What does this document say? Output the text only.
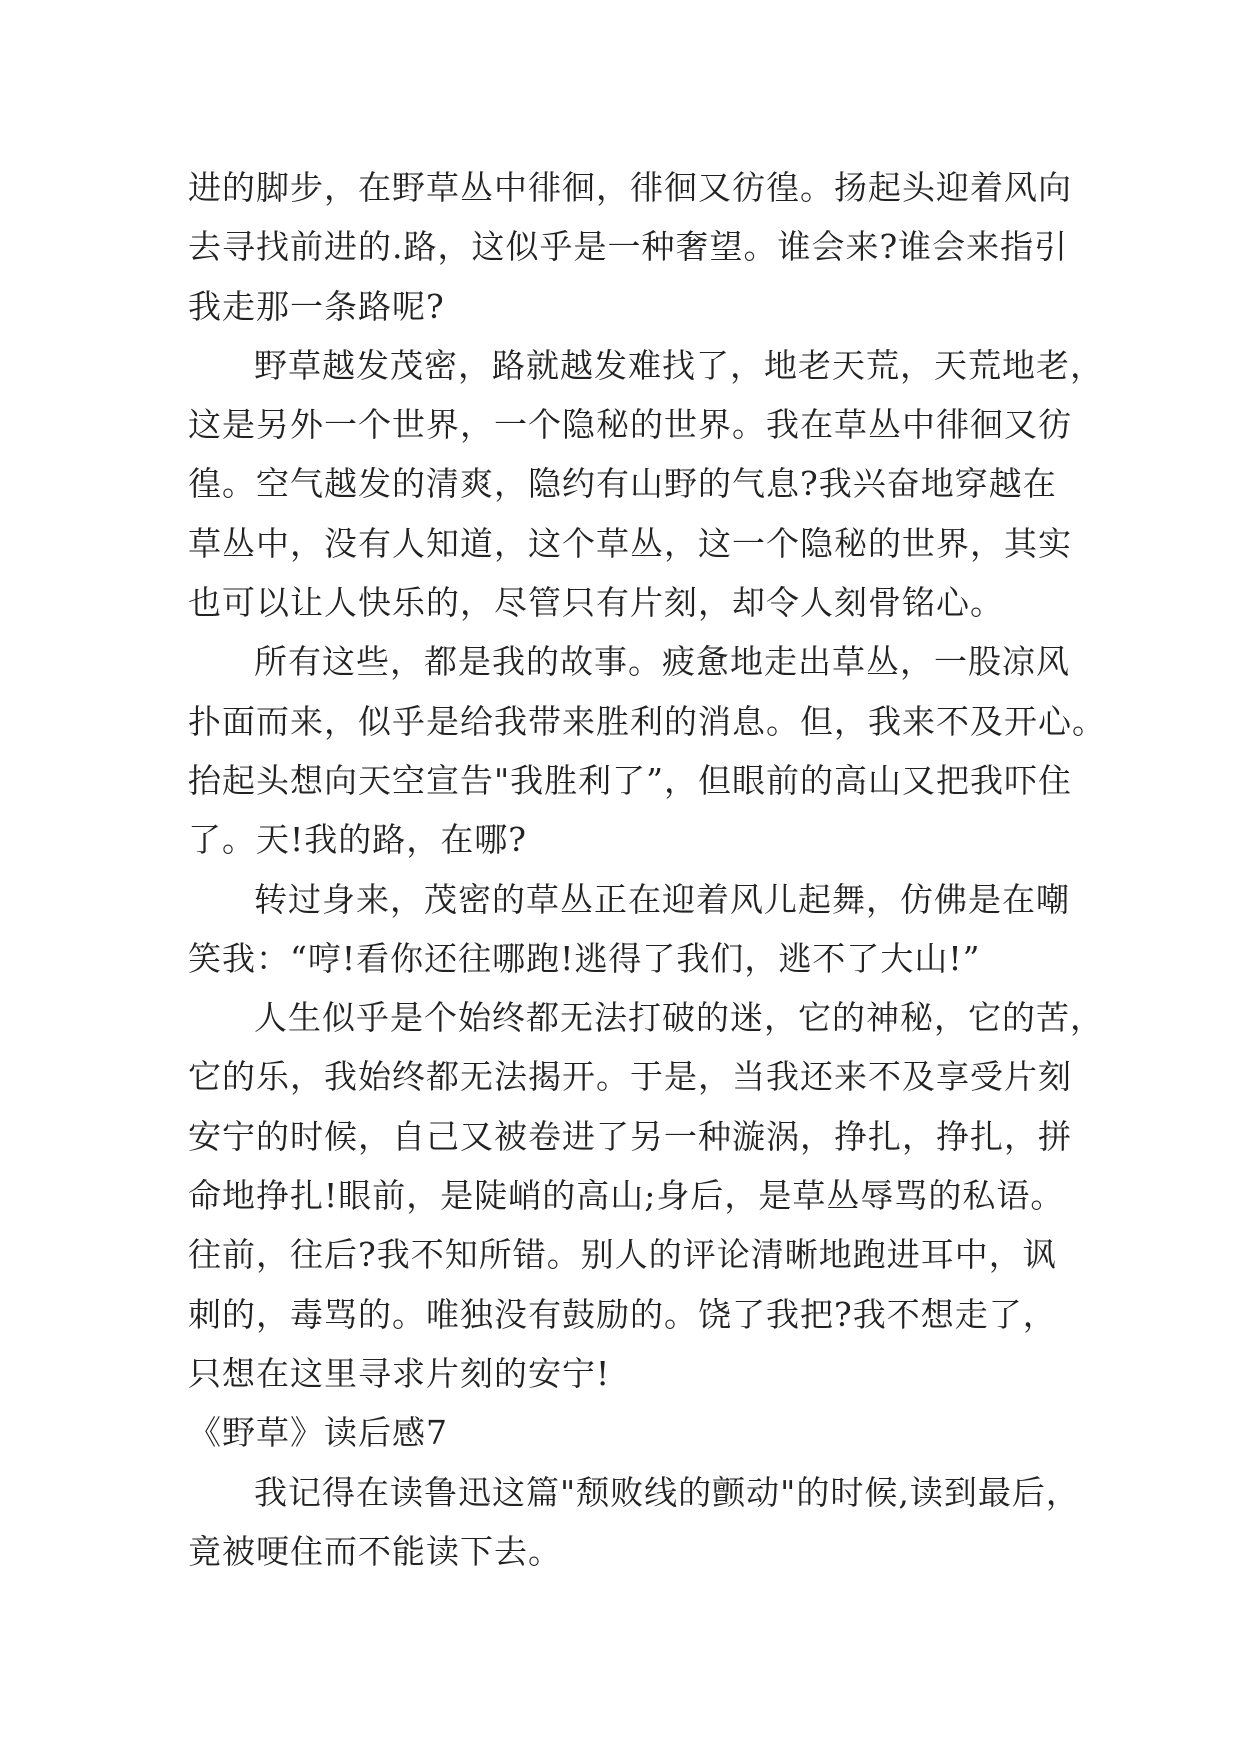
进的脚步，在野草丛中徘徊，徘徊又彷徨。扬起头迎着风向
去寻找前进的.路，这似乎是一种奢望。谁会来?谁会来指引
我走那一条路呢?
野草越发茂密，路就越发难找了，地老天荒，天荒地老，
这是另外一个世界，一个隐秘的世界。我在草丛中徘徊又彷
徨。空气越发的清爽，隐约有山野的气息?我兴奋地穿越在
草丛中，没有人知道，这个草丛，这一个隐秘的世界，其实
也可以让人快乐的，尽管只有片刻，却令人刻骨铭心。
所有这些，都是我的故事。疲惫地走出草丛，一股凉风
扑面而来，似乎是给我带来胜利的消息。但，我来不及开心。
抬起头想向天空宣告"我胜利了”，但眼前的高山又把我吓住
了。天!我的路，在哪?
转过身来，茂密的草丛正在迎着风儿起舞，仿佛是在嘲
笑我：“哼!看你还往哪跑!逃得了我们，逃不了大山!”
人生似乎是个始终都无法打破的迷，它的神秘，它的苦，
它的乐，我始终都无法揭开。于是，当我还来不及享受片刻
安宁的时候，自己又被卷进了另一种漩涡，挣扎，挣扎，拼
命地挣扎!眼前，是陡峭的高山;身后，是草丛辱骂的私语。
往前，往后?我不知所错。别人的评论清晰地跑进耳中，讽
刺的，毒骂的。唯独没有鼓励的。饶了我把?我不想走了，
只想在这里寻求片刻的安宁!
《野草》读后感7
我记得在读鲁迅这篇"颓败线的颤动"的时候,读到最后，
竟被哽住而不能读下去。
